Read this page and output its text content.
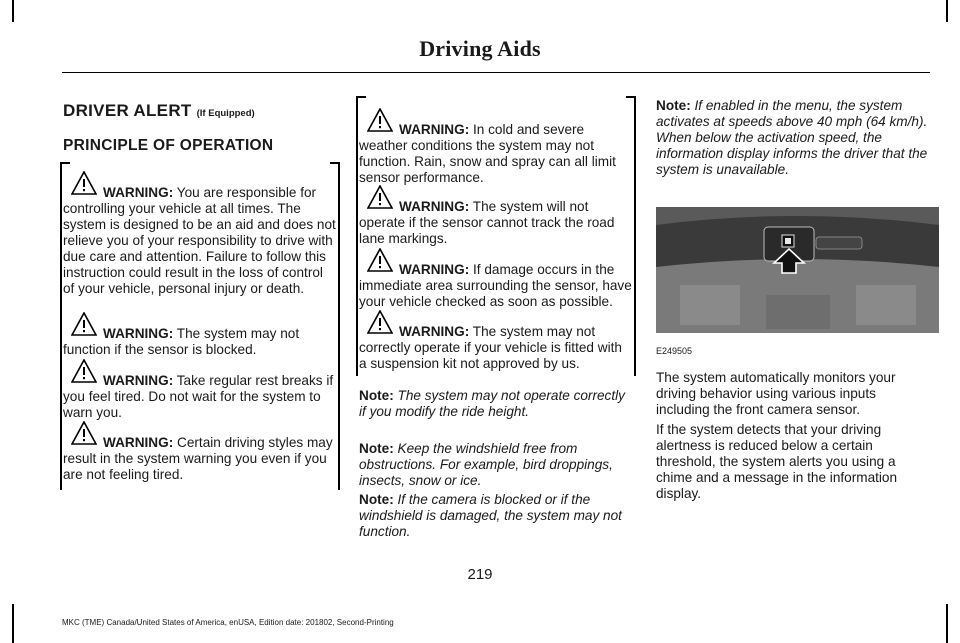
Driving Aids
DRIVER ALERT (If Equipped)
PRINCIPLE OF OPERATION

WARNING: You are responsible for controlling your vehicle at all times. The system is designed to be an aid and does not relieve you of your responsibility to drive with due care and attention. Failure to follow this instruction could result in the loss of control of your vehicle, personal injury or death.

WARNING: The system may not function if the sensor is blocked.

WARNING: Take regular rest breaks if you feel tired. Do not wait for the system to warn you.

WARNING: Certain driving styles may result in the system warning you even if you are not feeling tired.

WARNING: In cold and severe weather conditions the system may not function. Rain, snow and spray can all limit sensor performance.

WARNING: The system will not operate if the sensor cannot track the road lane markings.

WARNING: If damage occurs in the immediate area surrounding the sensor, have your vehicle checked as soon as possible.

WARNING: The system may not correctly operate if your vehicle is fitted with a suspension kit not approved by us.

Note: The system may not operate correctly if you modify the ride height.

Note: Keep the windshield free from obstructions. For example, bird droppings, insects, snow or ice.

Note: If the camera is blocked or if the windshield is damaged, the system may not function.

Note: If enabled in the menu, the system activates at speeds above 40 mph (64 km/h). When below the activation speed, the information display informs the driver that the system is unavailable.

E249505

The system automatically monitors your driving behavior using various inputs including the front camera sensor.

If the system detects that your driving alertness is reduced below a certain threshold, the system alerts you using a chime and a message in the information display.

219
MKC (TME) Canada/United States of America, enUSA, Edition date: 201802, Second-Printing
